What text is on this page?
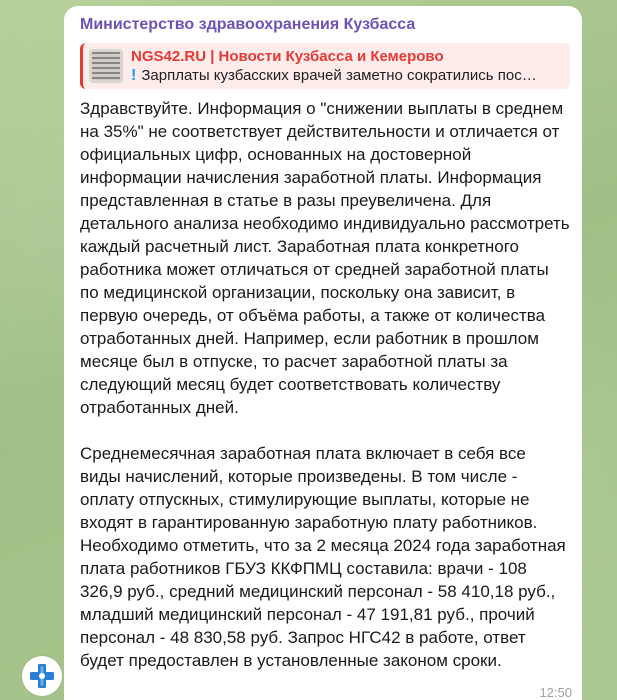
Министерство здравоохранения Кузбасса
NGS42.RU | Новости Кузбасса и Кемерово
! Зарплаты кузбасских врачей заметно сократились пос…

Здравствуйте. Информация о "снижении выплаты в среднем на 35%" не соответствует действительности и отличается от официальных цифр, основанных на достоверной информации начисления заработной платы. Информация представленная в статье в разы преувеличена. Для детального анализа необходимо индивидуально рассмотреть каждый расчетный лист. Заработная плата конкретного работника может отличаться от средней заработной платы по медицинской организации, поскольку она зависит, в первую очередь, от объёма работы, а также от количества отработанных дней. Например, если работник в прошлом месяце был в отпуске, то расчет заработной платы за следующий месяц будет соответствовать количеству отработанных дней.

Среднемесячная заработная плата включает в себя все виды начислений, которые произведены. В том числе - оплату отпускных, стимулирующие выплаты, которые не входят в гарантированную заработную плату работников. Необходимо отметить, что за 2 месяца 2024 года заработная плата работников ГБУЗ ККФПМЦ составила: врачи - 108 326,9 руб., средний медицинский персонал - 58 410,18 руб., младший медицинский персонал - 47 191,81 руб., прочий персонал - 48 830,58 руб. Запрос НГС42 в работе, ответ будет предоставлен в установленные законом сроки.

12:50
